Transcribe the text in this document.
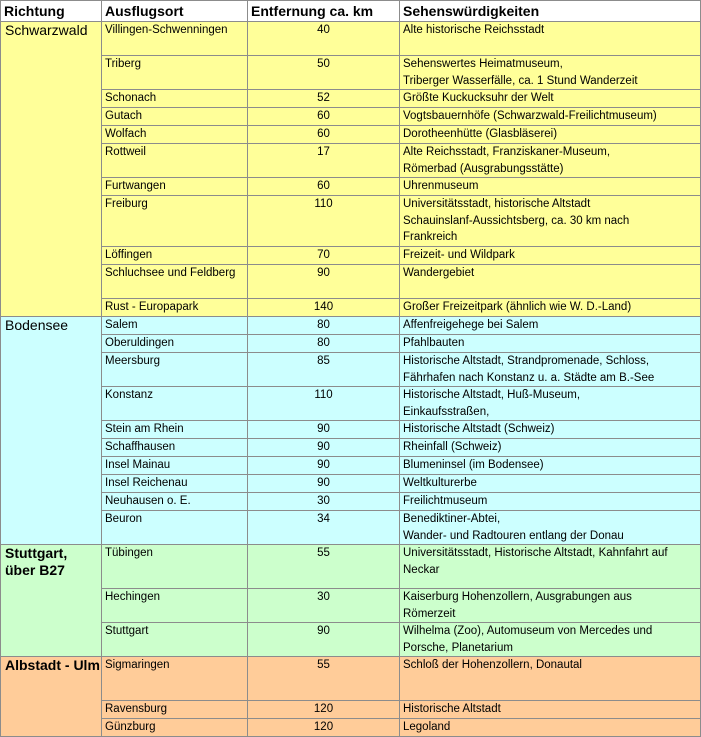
Richtung	Ausflugsort	Entfernung ca. km	Sehenswürdigkeiten
Schwarzwald	Villingen-Schwenningen	40	Alte historische Reichsstadt
	Triberg	50	Sehenswertes Heimatmuseum,
Triberger Wasserfälle, ca. 1 Stund Wanderzeit
	Schonach	52	Größte Kuckucksuhr der Welt
	Gutach	60	Vogtsbauernhöfe (Schwarzwald-Freilichtmuseum)
	Wolfach	60	Dorotheenhütte (Glasbläserei)
	Rottweil	17	Alte Reichsstadt, Franziskaner-Museum,
Römerbad (Ausgrabungsstätte)
	Furtwangen	60	Uhrenmuseum
	Freiburg	110	Universitätsstadt, historische Altstadt
Schauinslanf-Aussichtsberg, ca. 30 km nach
Frankreich
	Löffingen	70	Freizeit- und Wildpark
	Schluchsee und Feldberg	90	Wandergebiet
	Rust - Europapark	140	Großer Freizeitpark (ähnlich wie W. D.-Land)
Bodensee	Salem	80	Affenfreigehege bei Salem
	Oberuldingen	80	Pfahlbauten
	Meersburg	85	Historische Altstadt, Strandpromenade, Schloss,
Fährhafen nach Konstanz u. a. Städte am B.-See
	Konstanz	110	Historische Altstadt, Huß-Museum,
Einkaufsstraßen,
	Stein am Rhein	90	Historische Altstadt (Schweiz)
	Schaffhausen	90	Rheinfall (Schweiz)
	Insel Mainau	90	Blumeninsel (im Bodensee)
	Insel Reichenau	90	Weltkulturerbe
	Neuhausen o. E.	30	Freilichtmuseum
	Beuron	34	Benediktiner-Abtei,
Wander- und Radtouren entlang der Donau
Stuttgart, über B27	Tübingen	55	Universitätsstadt, Historische Altstadt, Kahnfahrt auf
Neckar
	Hechingen	30	Kaiserburg Hohenzollern, Ausgrabungen aus
Römerzeit
	Stuttgart	90	Wilhelma (Zoo), Automuseum von Mercedes und
Porsche, Planetarium
Albstadt - Ulm	Sigmaringen	55	Schloß der Hohenzollern, Donautal
	Ravensburg	120	Historische Altstadt
	Günzburg	120	Legoland
